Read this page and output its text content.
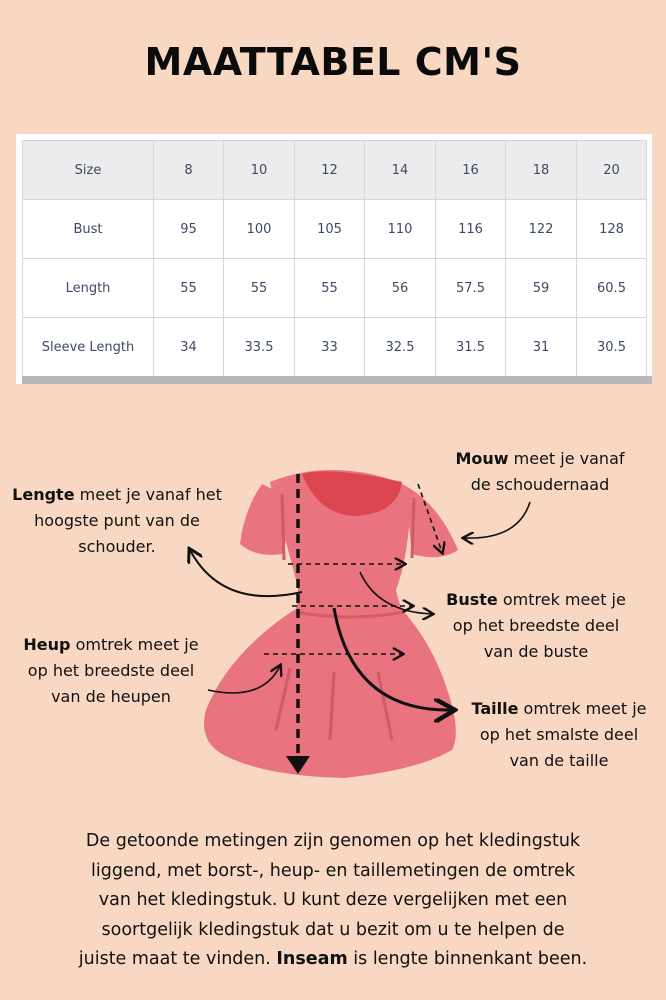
MAATTABEL CM'S
Size	8	10	12	14	16	18	20
Bust	95	100	105	110	116	122	128
Length	55	55	55	56	57.5	59	60.5
Sleeve Length	34	33.5	33	32.5	31.5	31	30.5
Lengte meet je vanaf het
hoogste punt van de
schouder.
Mouw meet je vanaf
de schoudernaad
Buste omtrek meet je
op het breedste deel
van de buste
Heup omtrek meet je
op het breedste deel
van de heupen
Taille omtrek meet je
op het smalste deel
van de taille
De getoonde metingen zijn genomen op het kledingstuk
liggend, met borst-, heup- en taillemetingen de omtrek
van het kledingstuk. U kunt deze vergelijken met een
soortgelijk kledingstuk dat u bezit om u te helpen de
juiste maat te vinden. Inseam is lengte binnenkant been.
